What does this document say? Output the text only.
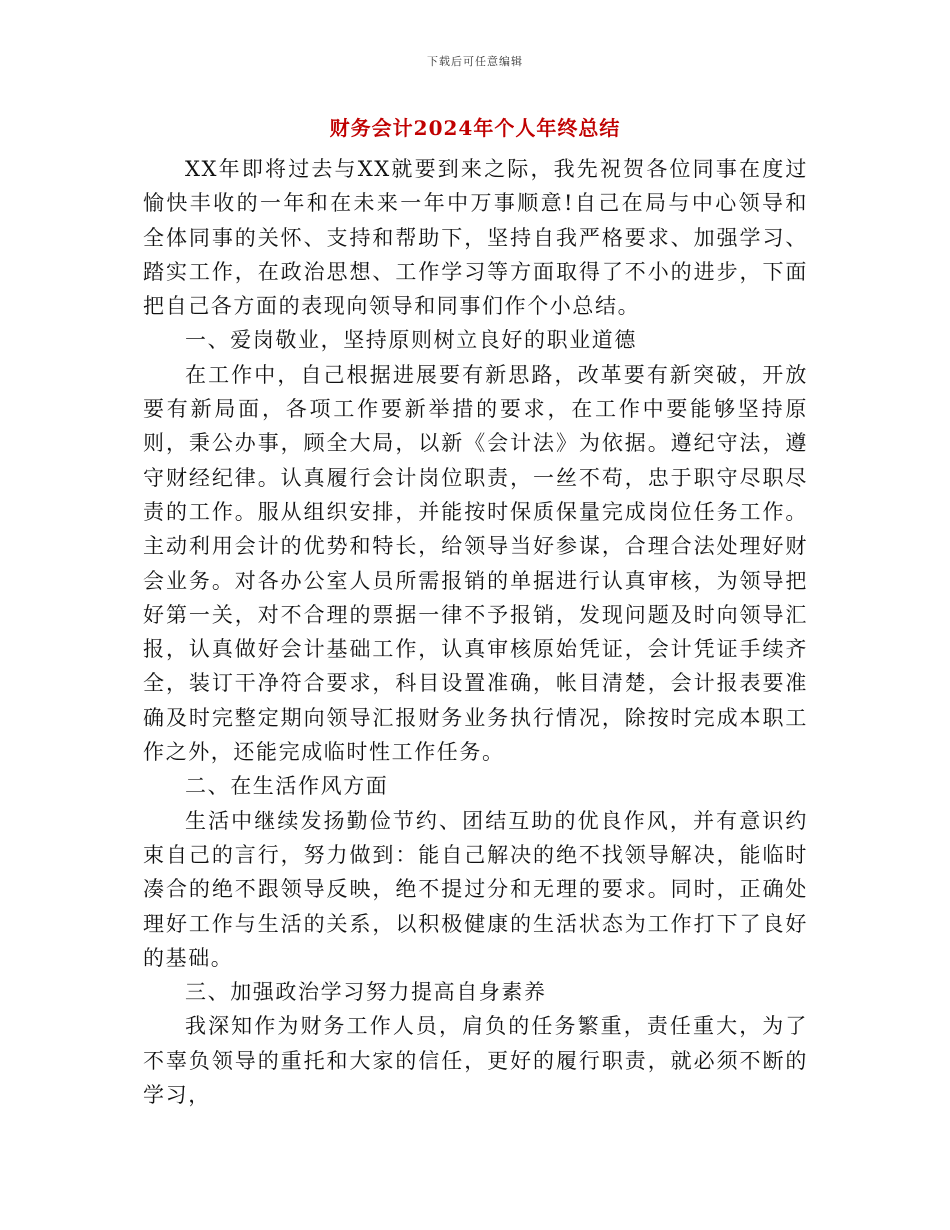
下载后可任意编辑
财务会计2024年个人年终总结

XX年即将过去与XX就要到来之际，我先祝贺各位同事在度过愉快丰收的一年和在未来一年中万事顺意!自己在局与中心领导和全体同事的关怀、支持和帮助下，坚持自我严格要求、加强学习、踏实工作，在政治思想、工作学习等方面取得了不小的进步，下面把自己各方面的表现向领导和同事们作个小总结。

一、爱岗敬业，坚持原则树立良好的职业道德

在工作中，自己根据进展要有新思路，改革要有新突破，开放要有新局面，各项工作要新举措的要求，在工作中要能够坚持原则，秉公办事，顾全大局，以新《会计法》为依据。遵纪守法，遵守财经纪律。认真履行会计岗位职责，一丝不苟，忠于职守尽职尽责的工作。服从组织安排，并能按时保质保量完成岗位任务工作。主动利用会计的优势和特长，给领导当好参谋，合理合法处理好财会业务。对各办公室人员所需报销的单据进行认真审核，为领导把好第一关，对不合理的票据一律不予报销，发现问题及时向领导汇报，认真做好会计基础工作，认真审核原始凭证，会计凭证手续齐全，装订干净符合要求，科目设置准确，帐目清楚，会计报表要准确及时完整定期向领导汇报财务业务执行情况，除按时完成本职工作之外，还能完成临时性工作任务。

二、在生活作风方面

生活中继续发扬勤俭节约、团结互助的优良作风，并有意识约束自己的言行，努力做到：能自己解决的绝不找领导解决，能临时凑合的绝不跟领导反映，绝不提过分和无理的要求。同时，正确处理好工作与生活的关系，以积极健康的生活状态为工作打下了良好的基础。

三、加强政治学习努力提高自身素养

我深知作为财务工作人员，肩负的任务繁重，责任重大，为了不辜负领导的重托和大家的信任，更好的履行职责，就必须不断的学习，
